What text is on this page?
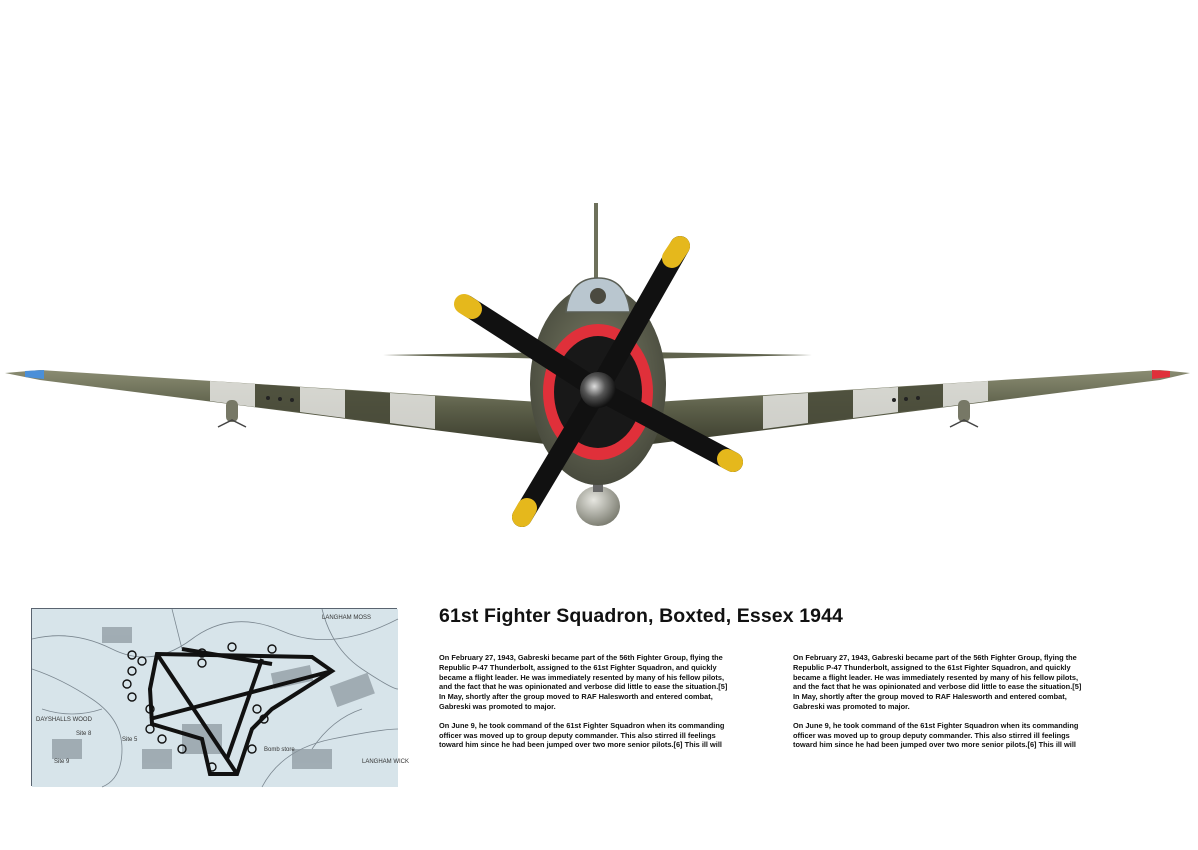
LANGHAM MOSS
Bomb store
Site 8
Site 5
Site 9	LANGHAM WICK
DAYSHALLS WOOD
61st Fighter Squadron, Boxted, Essex 1944

On February 27, 1943, Gabreski became part of the 56th Fighter Group, flying the
Republic P-47 Thunderbolt, assigned to the 61st Fighter Squadron, and quickly
became a flight leader. He was immediately resented by many of his fellow pilots,
and the fact that he was opinionated and verbose did little to ease the situation.[5]
In May, shortly after the group moved to RAF Halesworth and entered combat,
Gabreski was promoted to major.

On June 9, he took command of the 61st Fighter Squadron when its commanding
officer was moved up to group deputy commander. This also stirred ill feelings
toward him since he had been jumped over two more senior pilots.[6] This ill will

On February 27, 1943, Gabreski became part of the 56th Fighter Group, flying the
Republic P-47 Thunderbolt, assigned to the 61st Fighter Squadron, and quickly
became a flight leader. He was immediately resented by many of his fellow pilots,
and the fact that he was opinionated and verbose did little to ease the situation.[5]
In May, shortly after the group moved to RAF Halesworth and entered combat,
Gabreski was promoted to major.

On June 9, he took command of the 61st Fighter Squadron when its commanding
officer was moved up to group deputy commander. This also stirred ill feelings
toward him since he had been jumped over two more senior pilots.[6] This ill will
